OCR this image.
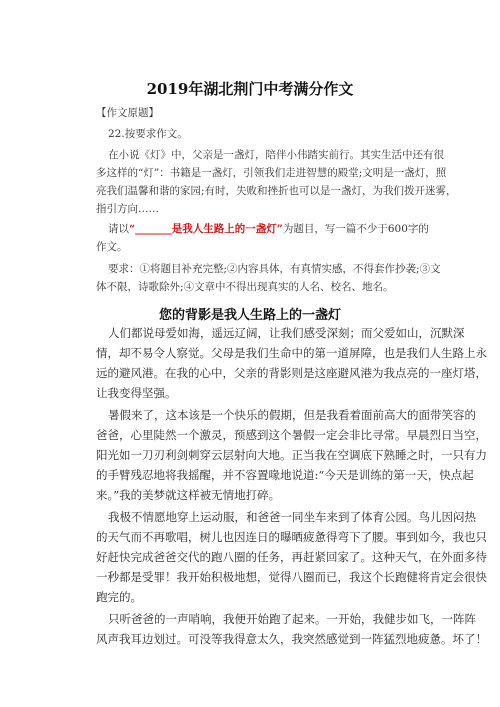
2019年湖北荆门中考满分作文
【作文原题】
22.按要求作文。
在小说《灯》中，父亲是一盏灯，陪伴小伟踏实前行。其实生活中还有很
多这样的“灯”：书籍是一盏灯，引领我们走进智慧的殿堂;文明是一盏灯，照
亮我们温馨和谐的家园;有时，失败和挫折也可以是一盏灯，为我们拨开迷雾，
指引方向……
请以“_______是我人生路上的一盏灯”为题目，写一篇不少于600字的
作文。
要求：①将题目补充完整;②内容具体，有真情实感，不得套作抄袭;③文
体不限，诗歌除外;④文章中不得出现真实的人名、校名、地名。
您的背影是我人生路上的一盏灯
人们都说母爱如海，遥远辽阔，让我们感受深刻；而父爱如山，沉默深
情，却不易令人察觉。父母是我们生命中的第一道屏障，也是我们人生路上永
远的避风港。在我的心中，父亲的背影则是这座避风港为我点亮的一座灯塔，
让我变得坚强。
暑假来了，这本该是一个快乐的假期，但是我看着面前高大的面带笑容的
爸爸，心里陡然一个激灵，预感到这个暑假一定会非比寻常。早晨烈日当空，
阳光如一刀刃利剑刺穿云层射向大地。正当我在空调底下熟睡之时，一只有力
的手臂残忍地将我摇醒，并不容置喙地说道:“今天是训练的第一天，快点起
来。”我的美梦就这样被无情地打碎。
我极不情愿地穿上运动服，和爸爸一同坐车来到了体育公园。鸟儿因闷热
的天气而不再歌唱，树儿也因连日的曝晒疲惫得弯下了腰。事到如今，我也只
好赶快完成爸爸交代的跑八圈的任务，再赶紧回家了。这种天气，在外面多待
一秒都是受罪！我开始积极地想，觉得八圈而已，我这个长跑健将肯定会很快
跑完的。
只听爸爸的一声哨响，我便开始跑了起来。一开始，我健步如飞，一阵阵
风声我耳边划过。可没等我得意太久，我突然感觉到一阵猛烈地疲惫。坏了！
